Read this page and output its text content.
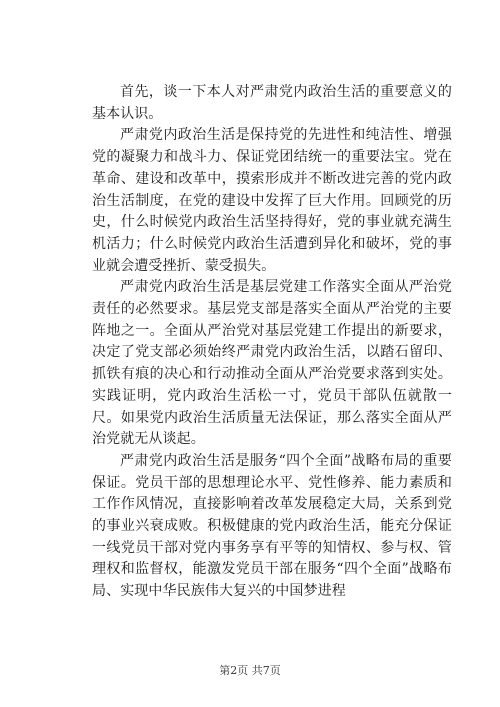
首先，谈一下本人对严肃党内政治生活的重要意义的基本认识。

严肃党内政治生活是保持党的先进性和纯洁性、增强党的凝聚力和战斗力、保证党团结统一的重要法宝。党在革命、建设和改革中，摸索形成并不断改进完善的党内政治生活制度，在党的建设中发挥了巨大作用。回顾党的历史，什么时候党内政治生活坚持得好，党的事业就充满生机活力；什么时候党内政治生活遭到异化和破坏，党的事业就会遭受挫折、蒙受损失。

严肃党内政治生活是基层党建工作落实全面从严治党责任的必然要求。基层党支部是落实全面从严治党的主要阵地之一。全面从严治党对基层党建工作提出的新要求，决定了党支部必须始终严肃党内政治生活，以踏石留印、抓铁有痕的决心和行动推动全面从严治党要求落到实处。实践证明，党内政治生活松一寸，党员干部队伍就散一尺。如果党内政治生活质量无法保证，那么落实全面从严治党就无从谈起。

严肃党内政治生活是服务“四个全面”战略布局的重要保证。党员干部的思想理论水平、党性修养、能力素质和工作作风情况，直接影响着改革发展稳定大局，关系到党的事业兴衰成败。积极健康的党内政治生活，能充分保证一线党员干部对党内事务享有平等的知情权、参与权、管理权和监督权，能激发党员干部在服务“四个全面”战略布局、实现中华民族伟大复兴的中国梦进程

第2页 共7页
